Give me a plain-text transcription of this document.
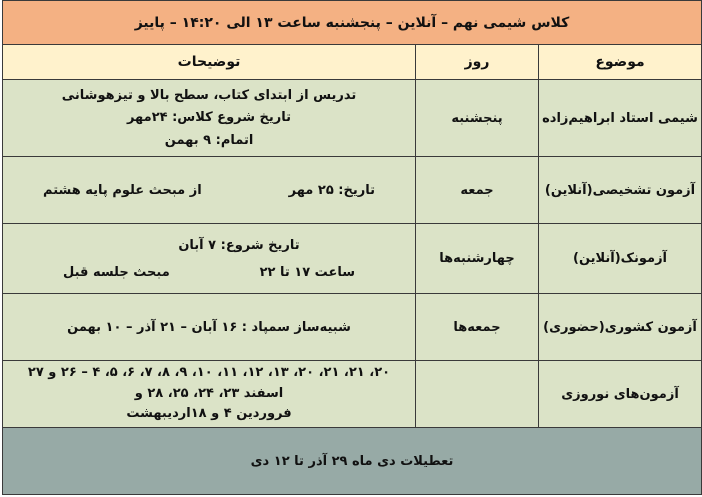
کلاس شیمی نهم – آنلاین – پنجشنبه ساعت ۱۳ الی ۱۴:۲۰ – پاییز
موضوع
روز
توضیحات
شیمی استاد ابراهیم‌زاده
پنجشنبه
تدریس از ابتدای کتاب، سطح بالا و تیزهوشانی
تاریخ شروع کلاس: ۲۴مهر
اتمام: ۹ بهمن
آزمون تشخیصی(آنلاین)
جمعه
تاریخ: ۲۵ مهر
از مبحث علوم پایه هشتم
آزمونک(آنلاین)
چهارشنبه‌ها
تاریخ شروع: ۷ آبان
ساعت ۱۷ تا ۲۲
مبحث جلسه قبل
آزمون کشوری(حضوری)
جمعه‌ها
شبیه‌ساز سمپاد : ۱۶ آبان – ۲۱ آذر – ۱۰ بهمن
آزمون‌های نوروزی
۲۰، ۲۱، ۲۱، ۲۰، ۱۳، ۱۲، ۱۱، ۱۰، ۹، ۸، ۷، ۶، ۵، ۴ – ۲۶ و ۲۷ اسفند ۲۳، ۲۴، ۲۵، ۲۸ و
فروردین ۴ و ۱۸اردیبهشت
تعطیلات دی ماه ۲۹ آذر تا ۱۲ دی
